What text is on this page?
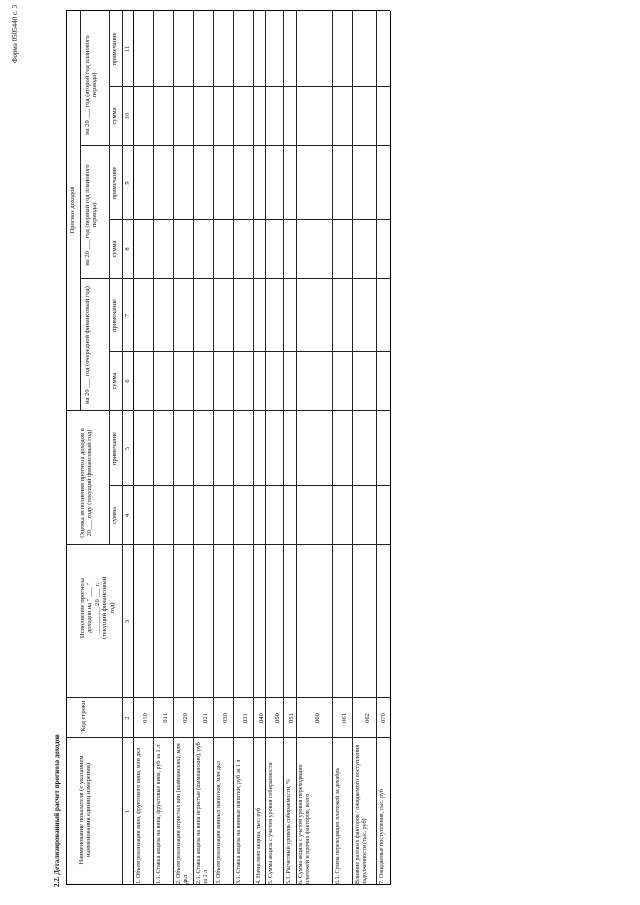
Форма 0505440 с. 3
2.2. Детализированный расчет прогноза доходов	Наименование показателя (с указанием наименования единиц измерения)
Код строки
Исполнение прогноза доходов на " ___ " ________ 20 ___ г. (текущий финансовый год)
Оценка исполнения прогноза доходов в 20___ году (текущий финансовый год)
Прогноз доходов
на 20 ___ год (очередной финансовый год)
на 20 ___ год (первый год планового периода)
на 20 ___ год (второй год планового периода)
сумма
примечание
сумма
примечание
сумма
примечание
сумма
примечание
1
2
3
4
5
6
7
8
9
10
11
1. Объем реализации вина, фруктового вина, млн дкл
010
1.1. Ставка акциза на вина, фруктовые вина, руб за 1 л
011
2. Объем реализации игристых вин (шампанских), млн дкл
020
2.1. Ставка акциза на вина игристые (шампанские), руб за 1 л
021
3. Объем реализации винных напитков, млн дкл
030
3.1. Ставка акциза на винные напитки, руб за 1 л
031
4. Начислено акциза, тыс. руб
040
5. Сумма акциза с учетом уровня собираемости
050
5.1. Расчетный уровень собираемости, %
051
6. Сумма акциза с учетом уровня переходящих платежей и прочих факторов, всего
060
6.1. Сумма переходящих платежей за декабрь
061
Влияние разовых факторов / ожидаемого поступления задолженности (тыс. руб)
062
7. Ожидаемые поступления, тыс. руб
070
